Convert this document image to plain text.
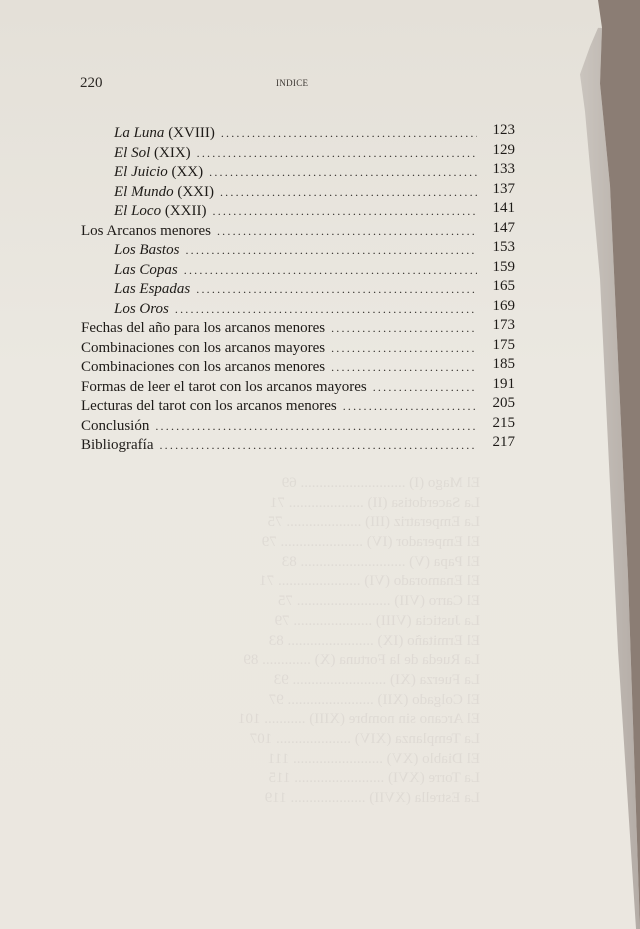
220	INDICE
La Luna (XVIII) .....	123
El Sol (XIX) .....	129
El Juicio (XX) .....	133
El Mundo (XXI) .....	137
El Loco (XXII) .....	141
Los Arcanos menores .....	147
Los Bastos .....	153
Las Copas .....	159
Las Espadas .....	165
Los Oros .....	169
Fechas del año para los arcanos menores .....	173
Combinaciones con los arcanos mayores .....	175
Combinaciones con los arcanos menores .....	185
Formas de leer el tarot con los arcanos mayores .....	191
Lecturas del tarot con los arcanos menores .....	205
Conclusión .....	215
Bibliografía .....	217
El Mago (I) ............................ 69
La Sacerdotisa (II) .................... 71
La Emperatriz (III) .................... 75
El Emperador (IV) ...................... 79
El Papa (V) ............................ 83
El Enamorado (VI) ...................... 71
El Carro (VII) ......................... 75
La Justicia (VIII) ..................... 79
El Ermitaño (IX) ....................... 83
La Rueda de la Fortuna (X) ............. 89
La Fuerza (XI) ......................... 93
El Colgado (XII) ....................... 97
El Arcano sin nombre (XIII) ........... 101
La Templanza (XIV) .................... 107
El Diablo (XV) ........................ 111
La Torre (XVI) ........................ 115
La Estrella (XVII) .................... 119
